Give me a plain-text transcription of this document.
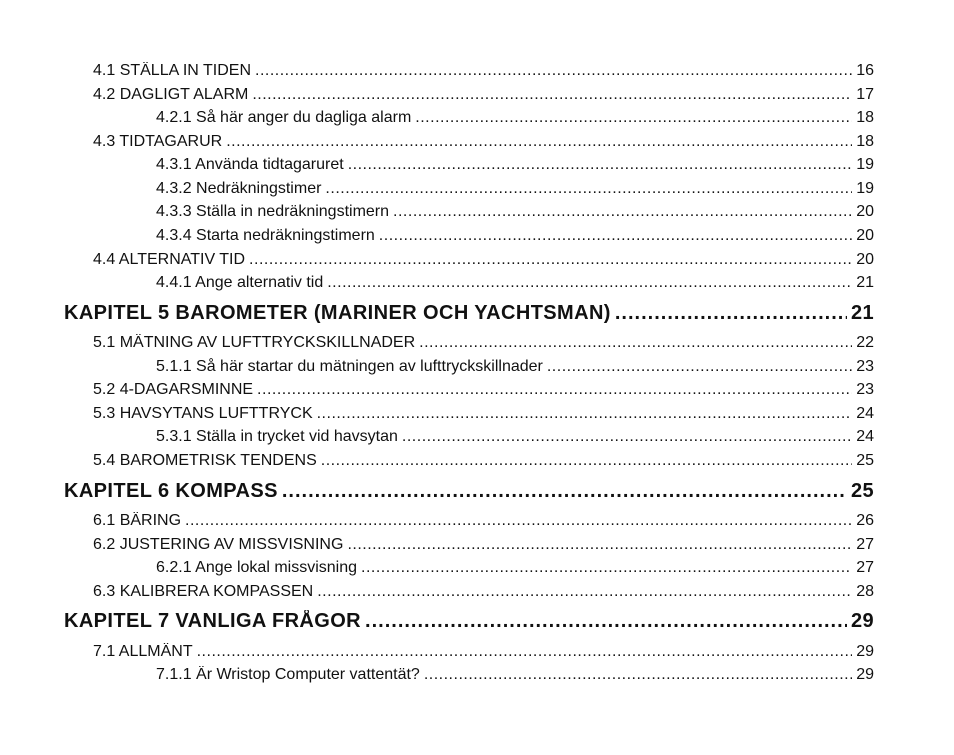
4.1 STÄLLA IN TIDEN .....	16
4.2 DAGLIGT ALARM .....	17
4.2.1 Så här anger du dagliga alarm .....	18
4.3 TIDTAGARUR .....	18
4.3.1 Använda tidtagaruret .....	19
4.3.2 Nedräkningstimer .....	19
4.3.3 Ställa in nedräkningstimern .....	20
4.3.4 Starta nedräkningstimern .....	20
4.4 ALTERNATIV TID .....	20
4.4.1 Ange alternativ tid .....	21
KAPITEL 5 BAROMETER (MARINER OCH YACHTSMAN) .....	21
5.1 MÄTNING AV LUFTTRYCKSKILLNADER .....	22
5.1.1 Så här startar du mätningen av lufttryckskillnader .....	23
5.2 4-DAGARSMINNE .....	23
5.3 HAVSYTANS LUFTTRYCK .....	24
5.3.1 Ställa in trycket vid havsytan .....	24
5.4 BAROMETRISK TENDENS .....	25
KAPITEL 6 KOMPASS .....	25
6.1 BÄRING .....	26
6.2 JUSTERING AV MISSVISNING .....	27
6.2.1 Ange lokal missvisning .....	27
6.3 KALIBRERA KOMPASSEN .....	28
KAPITEL 7 VANLIGA FRÅGOR .....	29
7.1 ALLMÄNT .....	29
7.1.1 Är Wristop Computer vattentät? .....	29
